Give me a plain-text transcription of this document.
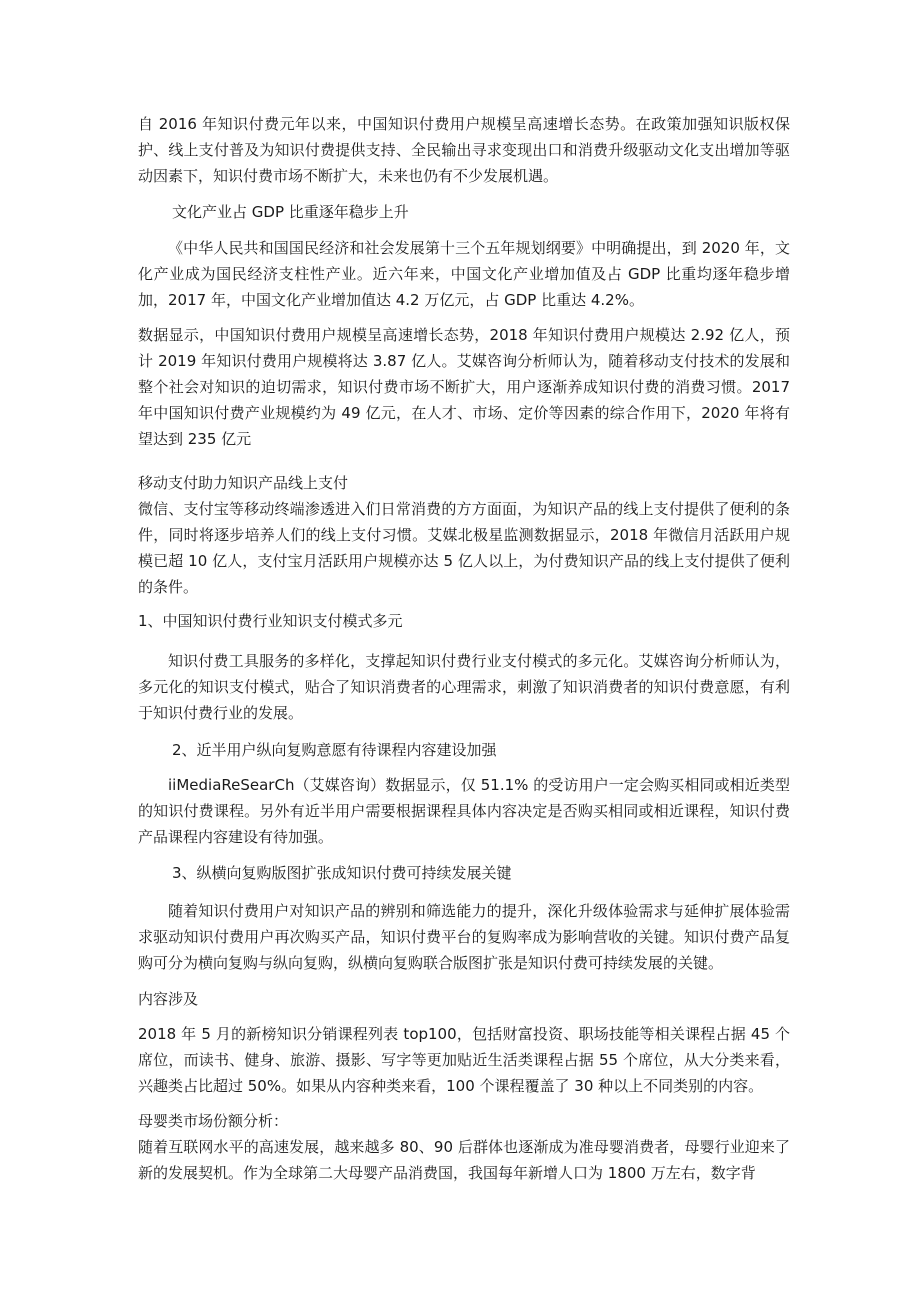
自 2016 年知识付费元年以来，中国知识付费用户规模呈高速增长态势。在政策加强知识版权保护、线上支付普及为知识付费提供支持、全民输出寻求变现出口和消费升级驱动文化支出增加等驱动因素下，知识付费市场不断扩大，未来也仍有不少发展机遇。

文化产业占 GDP 比重逐年稳步上升

《中华人民共和国国民经济和社会发展第十三个五年规划纲要》中明确提出，到 2020 年，文化产业成为国民经济支柱性产业。近六年来，中国文化产业增加值及占 GDP 比重均逐年稳步增加，2017 年，中国文化产业增加值达 4.2 万亿元，占 GDP 比重达 4.2%。

数据显示，中国知识付费用户规模呈高速增长态势，2018 年知识付费用户规模达 2.92 亿人，预计 2019 年知识付费用户规模将达 3.87 亿人。艾媒咨询分析师认为，随着移动支付技术的发展和整个社会对知识的迫切需求，知识付费市场不断扩大，用户逐渐养成知识付费的消费习惯。2017 年中国知识付费产业规模约为 49 亿元，在人才、市场、定价等因素的综合作用下，2020 年将有望达到 235 亿元

移动支付助力知识产品线上支付

微信、支付宝等移动终端渗透进入们日常消费的方方面面，为知识产品的线上支付提供了便利的条件，同时将逐步培养人们的线上支付习惯。艾媒北极星监测数据显示，2018 年微信月活跃用户规模已超 10 亿人，支付宝月活跃用户规模亦达 5 亿人以上，为付费知识产品的线上支付提供了便利的条件。

1、中国知识付费行业知识支付模式多元

知识付费工具服务的多样化，支撑起知识付费行业支付模式的多元化。艾媒咨询分析师认为，多元化的知识支付模式，贴合了知识消费者的心理需求，刺激了知识消费者的知识付费意愿，有利于知识付费行业的发展。

2、近半用户纵向复购意愿有待课程内容建设加强

iiMediaReSearCh（艾媒咨询）数据显示，仅 51.1% 的受访用户一定会购买相同或相近类型的知识付费课程。另外有近半用户需要根据课程具体内容决定是否购买相同或相近课程，知识付费产品课程内容建设有待加强。

3、纵横向复购版图扩张成知识付费可持续发展关键

随着知识付费用户对知识产品的辨别和筛选能力的提升，深化升级体验需求与延伸扩展体验需求驱动知识付费用户再次购买产品，知识付费平台的复购率成为影响营收的关键。知识付费产品复购可分为横向复购与纵向复购，纵横向复购联合版图扩张是知识付费可持续发展的关键。

内容涉及

2018 年 5 月的新榜知识分销课程列表 top100，包括财富投资、职场技能等相关课程占据 45 个席位，而读书、健身、旅游、摄影、写字等更加贴近生活类课程占据 55 个席位，从大分类来看，兴趣类占比超过 50%。如果从内容种类来看，100 个课程覆盖了 30 种以上不同类别的内容。

母婴类市场份额分析：

随着互联网水平的高速发展，越来越多 80、90 后群体也逐渐成为准母婴消费者，母婴行业迎来了新的发展契机。作为全球第二大母婴产品消费国，我国每年新增人口为 1800 万左右，数字背
